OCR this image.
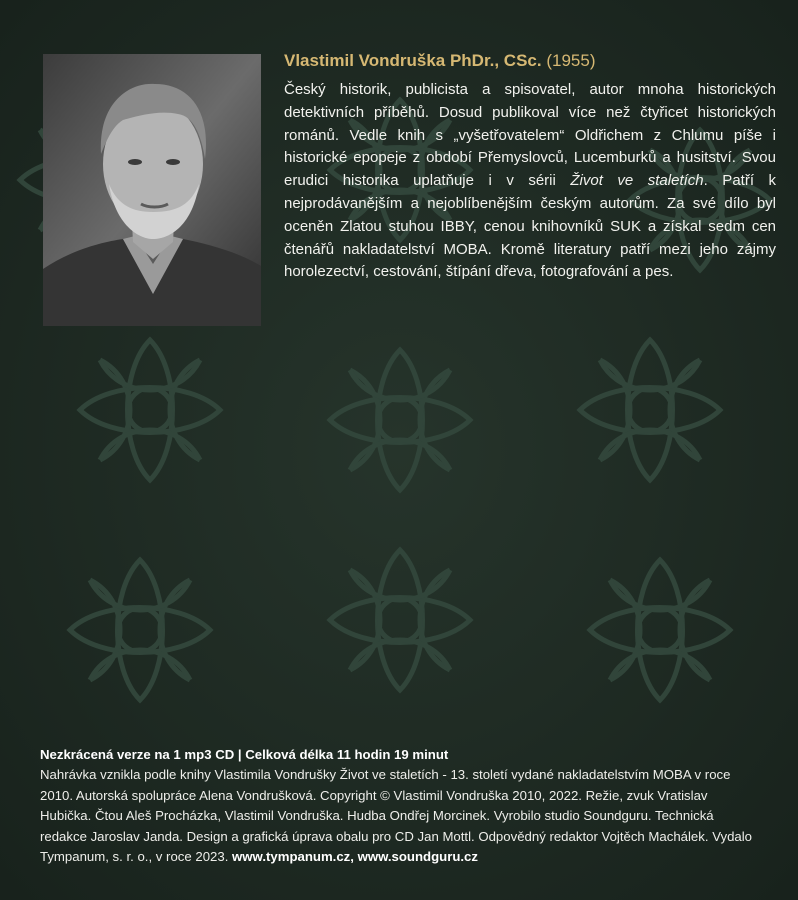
Vlastimil Vondruška PhDr., CSc. (1955)
Český historik, publicista a spisovatel, autor mnoha historických detektivních příběhů. Dosud publikoval více než čtyřicet historických románů. Vedle knih s „vyšetřovatelem“ Oldřichem z Chlumu píše i historické epopeje z období Přemyslovců, Lucemburků a husitství. Svou erudici historika uplatňuje i v sérii Život ve staletích. Patří k nejprodávanějším a nejoblíbenějším českým autorům. Za své dílo byl oceněn Zlatou stuhou IBBY, cenou knihovníků SUK a získal sedm cen čtenářů nakladatelství MOBA. Kromě literatury patří mezi jeho zájmy horolezectví, cestování, štípání dřeva, fotografování a pes.
Nezkrácená verze na 1 mp3 CD | Celková délka 11 hodin 19 minut
Nahrávka vznikla podle knihy Vlastimila Vondrušky Život ve staletích - 13. století vydané nakladatelstvím MOBA v roce 2010. Autorská spolupráce Alena Vondrušková. Copyright © Vlastimil Vondruška 2010, 2022. Režie, zvuk Vratislav Hubička. Čtou Aleš Procházka, Vlastimil Vondruška. Hudba Ondřej Morcinek. Vyrobilo studio Soundguru. Technická redakce Jaroslav Janda. Design a grafická úprava obalu pro CD Jan Mottl. Odpovědný redaktor Vojtěch Machálek. Vydalo Tympanum, s. r. o., v roce 2023. www.tympanum.cz, www.soundguru.cz
